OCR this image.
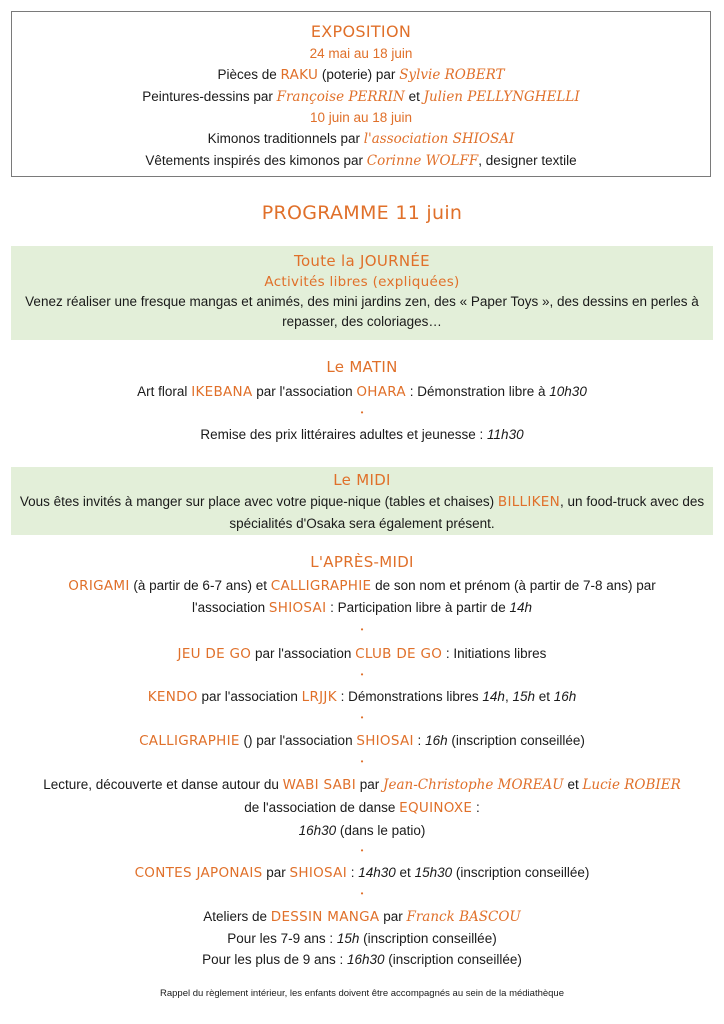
EXPOSITION
24 mai au 18 juin
Pièces de RAKU (poterie) par Sylvie ROBERT
Peintures-dessins par Françoise PERRIN et Julien PELLYNGHELLI
10 juin au 18 juin
Kimonos traditionnels par l'association SHIOSAI
Vêtements inspirés des kimonos par Corinne WOLFF, designer textile
PROGRAMME 11 juin
Toute la JOURNÉE
Activités libres (expliquées)
Venez réaliser une fresque mangas et animés, des mini jardins zen, des « Paper Toys », des dessins en perles à repasser, des coloriages…
Le MATIN
Art floral IKEBANA par l'association OHARA : Démonstration libre à 10h30
•
Remise des prix littéraires adultes et jeunesse : 11h30
Le MIDI
Vous êtes invités à manger sur place avec votre pique-nique (tables et chaises) BILLIKEN, un food-truck avec des spécialités d'Osaka sera également présent.
L'APRÈS-MIDI
ORIGAMI (à partir de 6-7 ans) et CALLIGRAPHIE de son nom et prénom (à partir de 7-8 ans) par
l'association SHIOSAI : Participation libre à partir de 14h
•
JEU DE GO par l'association CLUB DE GO : Initiations libres
•
KENDO par l'association LRJJK : Démonstrations libres 14h, 15h et 16h
•
CALLIGRAPHIE () par l'association SHIOSAI : 16h (inscription conseillée)
•
Lecture, découverte et danse autour du WABI SABI par Jean-Christophe MOREAU et Lucie ROBIER
de l'association de danse EQUINOXE :
16h30 (dans le patio)
•
CONTES JAPONAIS par SHIOSAI : 14h30 et 15h30 (inscription conseillée)
•
Ateliers de DESSIN MANGA par Franck BASCOU
Pour les 7-9 ans : 15h (inscription conseillée)
Pour les plus de 9 ans : 16h30 (inscription conseillée)
Rappel du règlement intérieur, les enfants doivent être accompagnés au sein de la médiathèque
